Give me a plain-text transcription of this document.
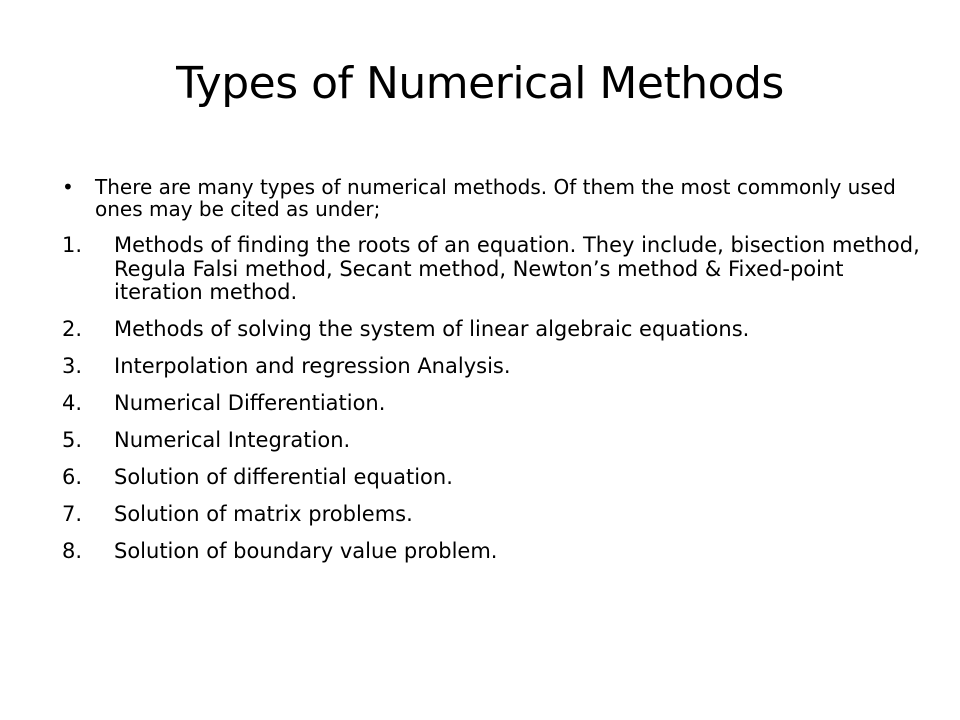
Types of Numerical Methods
• There are many types of numerical methods. Of them the most commonly used ones may be cited as under;
1. Methods of finding the roots of an equation. They include, bisection method, Regula Falsi method, Secant method, Newton’s method & Fixed-point iteration method.
2. Methods of solving the system of linear algebraic equations.
3. Interpolation and regression Analysis.
4. Numerical Differentiation.
5. Numerical Integration.
6. Solution of differential equation.
7. Solution of matrix problems.
8. Solution of boundary value problem.
